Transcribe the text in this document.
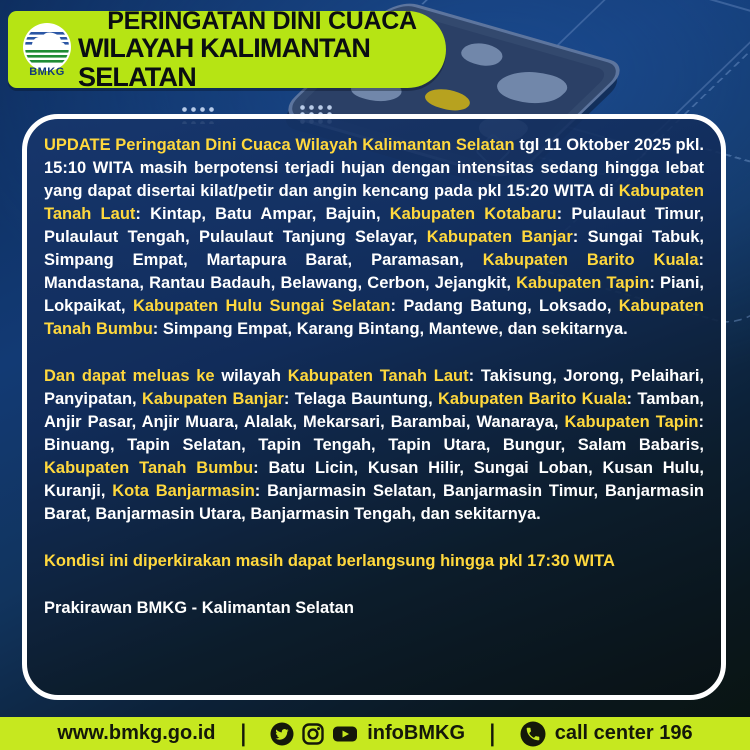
BMKG
PERINGATAN DINI CUACA
WILAYAH KALIMANTAN SELATAN

UPDATE Peringatan Dini Cuaca Wilayah Kalimantan Selatan tgl 11 Oktober 2025 pkl. 15:10 WITA masih berpotensi terjadi hujan dengan intensitas sedang hingga lebat yang dapat disertai kilat/petir dan angin kencang pada pkl 15:20 WITA di Kabupaten Tanah Laut: Kintap, Batu Ampar, Bajuin, Kabupaten Kotabaru: Pulaulaut Timur, Pulaulaut Tengah, Pulaulaut Tanjung Selayar, Kabupaten Banjar: Sungai Tabuk, Simpang Empat, Martapura Barat, Paramasan, Kabupaten Barito Kuala: Mandastana, Rantau Badauh, Belawang, Cerbon, Jejangkit, Kabupaten Tapin: Piani, Lokpaikat, Kabupaten Hulu Sungai Selatan: Padang Batung, Loksado, Kabupaten Tanah Bumbu: Simpang Empat, Karang Bintang, Mantewe, dan sekitarnya.

Dan dapat meluas ke wilayah Kabupaten Tanah Laut: Takisung, Jorong, Pelaihari, Panyipatan, Kabupaten Banjar: Telaga Bauntung, Kabupaten Barito Kuala: Tamban, Anjir Pasar, Anjir Muara, Alalak, Mekarsari, Barambai, Wanaraya, Kabupaten Tapin: Binuang, Tapin Selatan, Tapin Tengah, Tapin Utara, Bungur, Salam Babaris, Kabupaten Tanah Bumbu: Batu Licin, Kusan Hilir, Sungai Loban, Kusan Hulu, Kuranji, Kota Banjarmasin: Banjarmasin Selatan, Banjarmasin Timur, Banjarmasin Barat, Banjarmasin Utara, Banjarmasin Tengah, dan sekitarnya.

Kondisi ini diperkirakan masih dapat berlangsung hingga pkl 17:30 WITA

Prakirawan BMKG - Kalimantan Selatan

www.bmkg.go.id |	infoBMKG |	call center 196
